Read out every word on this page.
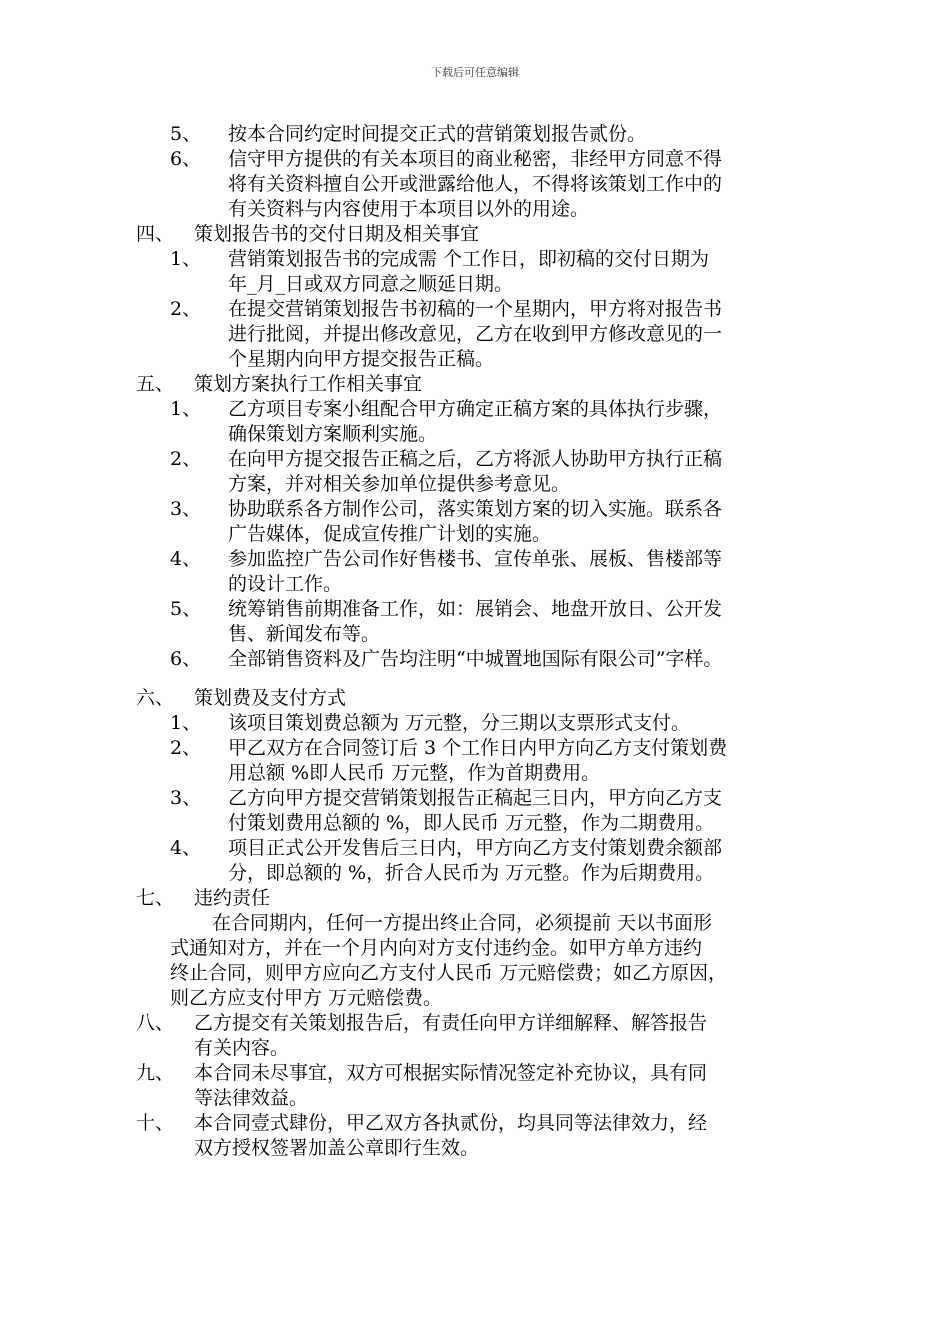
下载后可任意编辑
5、 按本合同约定时间提交正式的营销策划报告贰份。
6、 信守甲方提供的有关本项目的商业秘密，非经甲方同意不得
将有关资料擅自公开或泄露给他人，不得将该策划工作中的
有关资料与内容使用于本项目以外的用途。
四、 策划报告书的交付日期及相关事宜
1、 营销策划报告书的完成需 个工作日，即初稿的交付日期为
年_月_日或双方同意之顺延日期。
2、 在提交营销策划报告书初稿的一个星期内，甲方将对报告书
进行批阅，并提出修改意见，乙方在收到甲方修改意见的一
个星期内向甲方提交报告正稿。
五、 策划方案执行工作相关事宜
1、 乙方项目专案小组配合甲方确定正稿方案的具体执行步骤，
确保策划方案顺利实施。
2、 在向甲方提交报告正稿之后，乙方将派人协助甲方执行正稿
方案，并对相关参加单位提供参考意见。
3、 协助联系各方制作公司，落实策划方案的切入实施。联系各
广告媒体，促成宣传推广计划的实施。
4、 参加监控广告公司作好售楼书、宣传单张、展板、售楼部等
的设计工作。
5、 统筹销售前期准备工作，如：展销会、地盘开放日、公开发
售、新闻发布等。
6、 全部销售资料及广告均注明“中城置地国际有限公司”字样。
六、 策划费及支付方式
1、 该项目策划费总额为 万元整，分三期以支票形式支付。
2、 甲乙双方在合同签订后 3 个工作日内甲方向乙方支付策划费
用总额 %即人民币 万元整，作为首期费用。
3、 乙方向甲方提交营销策划报告正稿起三日内，甲方向乙方支
付策划费用总额的 %，即人民币 万元整，作为二期费用。
4、 项目正式公开发售后三日内，甲方向乙方支付策划费余额部
分，即总额的 %，折合人民币为 万元整。作为后期费用。
七、 违约责任
在合同期内，任何一方提出终止合同，必须提前 天以书面形
式通知对方，并在一个月内向对方支付违约金。如甲方单方违约
终止合同，则甲方应向乙方支付人民币 万元赔偿费；如乙方原因，
则乙方应支付甲方 万元赔偿费。
八、 乙方提交有关策划报告后，有责任向甲方详细解释、解答报告
有关内容。
九、 本合同未尽事宜，双方可根据实际情况签定补充协议，具有同
等法律效益。
十、 本合同壹式肆份，甲乙双方各执贰份，均具同等法律效力，经
双方授权签署加盖公章即行生效。
